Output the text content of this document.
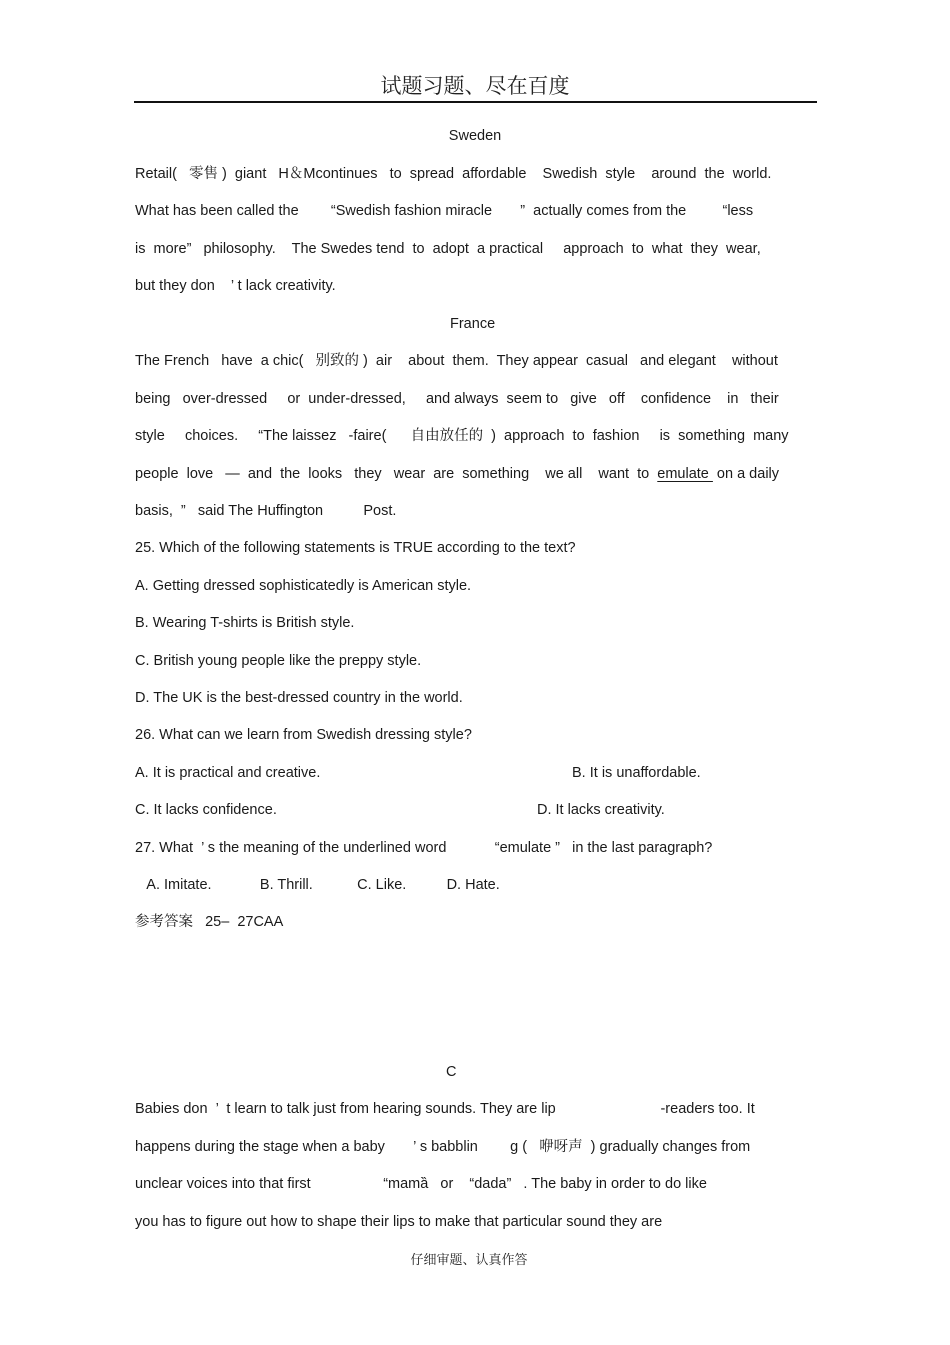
试题习题、尽在百度
Sweden
Retail(   零售 )  giant   H＆Mcontinues   to  spread  affordable    Swedish  style    around  the  world.
What has been called the        “Swedish fashion miracle       ”  actually comes from the         “less
is  more”   philosophy.    The Swedes tend  to  adopt  a practical     approach  to  what  they  wear,
but they don    ’ t lack creativity.
France
The French   have  a chic(   别致的 )  air    about  them.  They appear  casual   and elegant    without
being   over-dressed     or  under-dressed,     and always  seem to   give   off    confidence    in   their
style     choices.     “The laissez   -faire(      自由放任的  )  approach  to  fashion     is  something  many
people  love   —  and  the  looks   they   wear  are  something    we all    want  to  emulate  on a daily
basis,  ”   said The Huffington          Post.
25. Which of the following statements is TRUE according to the text?
A. Getting dressed sophisticatedly is American style.
B. Wearing T-shirts is British style.
C. British young people like the preppy style.
D. The UK is the best-dressed country in the world.
26. What can we learn from Swedish dressing style?
A. It is practical and creative.	B. It is unaffordable.
C. It lacks confidence.	D. It lacks creativity.
27. What  ’ s the meaning of the underlined word            “emulate ”   in the last paragraph?
A. Imitate.            B. Thrill.           C. Like.          D. Hate.
参考答案   25–  27CAA
C
Babies don  ’  t learn to talk just from hearing sounds. They are lip                          -readers too. It
happens during the stage when a baby       ’ s babblin        g (   咿呀声  ) gradually changes from
unclear voices into that first                  “mamȁ   or    “dada”   . The baby in order to do like
you has to figure out how to shape their lips to make that particular sound they are
仔细审题、认真作答
